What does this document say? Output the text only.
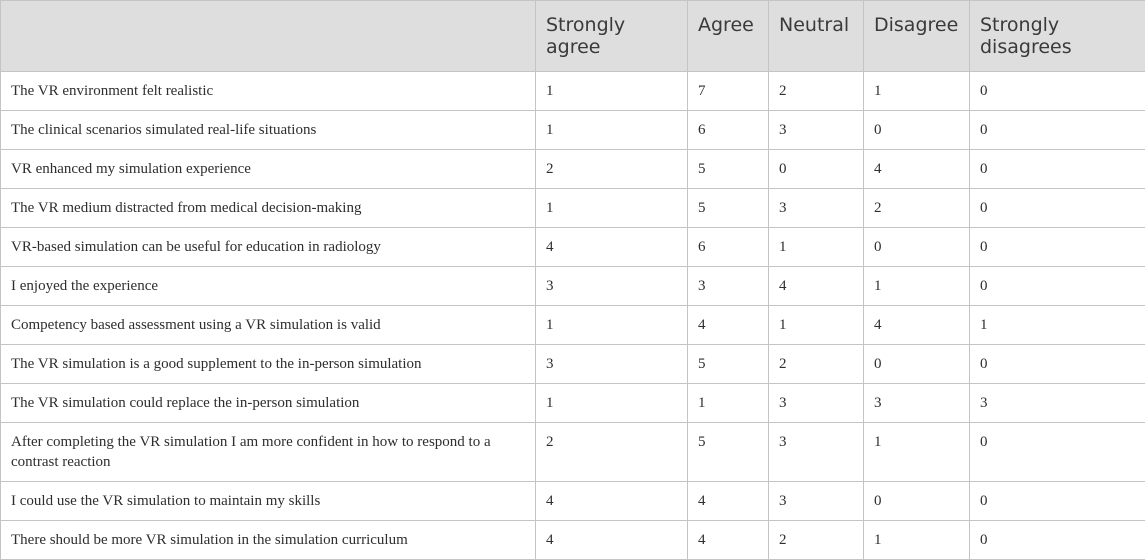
	Strongly agree	Agree	Neutral	Disagree	Strongly disagrees
The VR environment felt realistic	1	7	2	1	0
The clinical scenarios simulated real-life situations	1	6	3	0	0
VR enhanced my simulation experience	2	5	0	4	0
The VR medium distracted from medical decision-making	1	5	3	2	0
VR-based simulation can be useful for education in radiology	4	6	1	0	0
I enjoyed the experience	3	3	4	1	0
Competency based assessment using a VR simulation is valid	1	4	1	4	1
The VR simulation is a good supplement to the in-person simulation	3	5	2	0	0
The VR simulation could replace the in-person simulation	1	1	3	3	3
After completing the VR simulation I am more confident in how to respond to a contrast reaction	2	5	3	1	0
I could use the VR simulation to maintain my skills	4	4	3	0	0
There should be more VR simulation in the simulation curriculum	4	4	2	1	0
